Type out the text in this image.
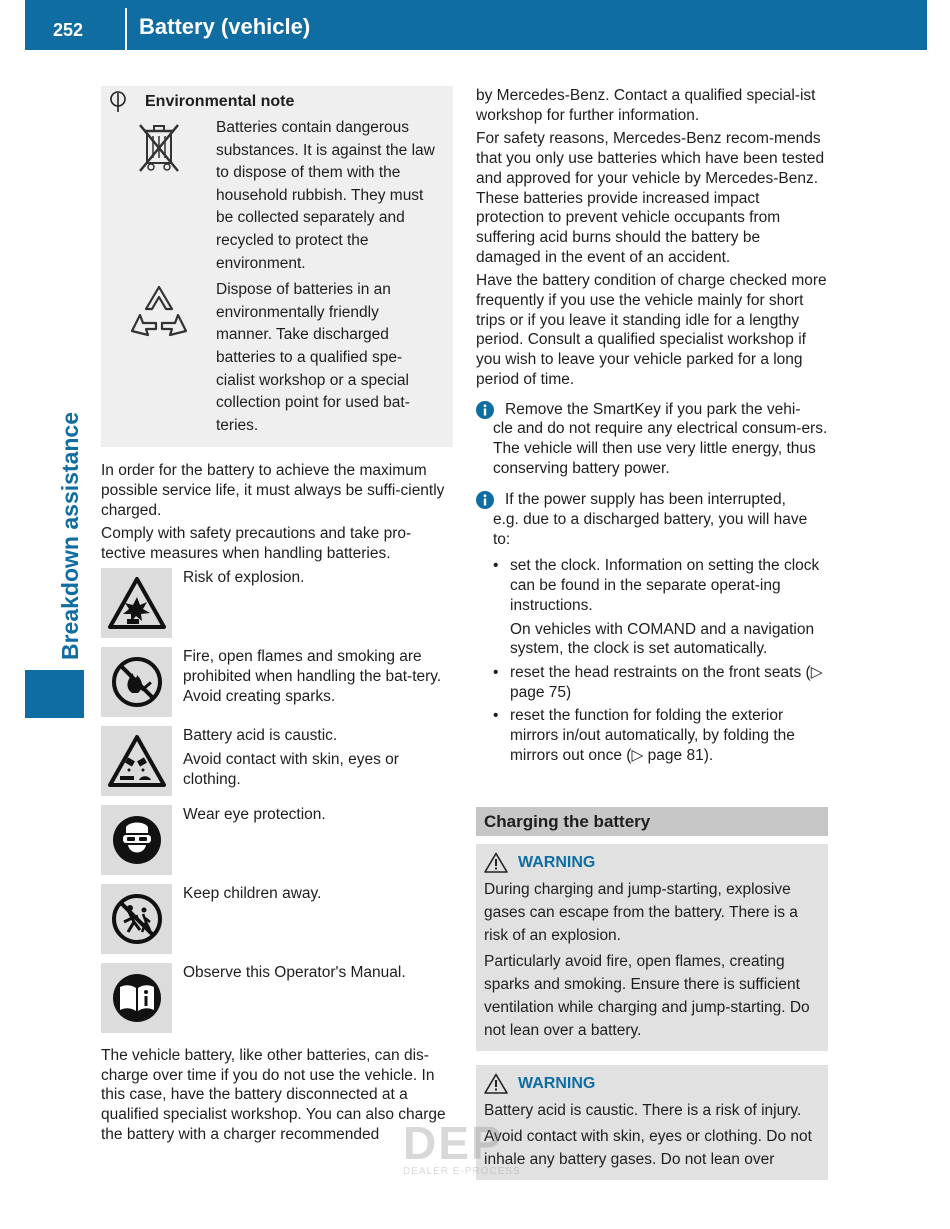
252	Battery (vehicle)
Breakdown assistance
Environmental note
Batteries contain dangerous substances. It is against the law to dispose of them with the household rubbish. They must be collected separately and recycled to protect the environment.
Dispose of batteries in an environmentally friendly manner. Take discharged batteries to a qualified spe-cialist workshop or a special collection point for used bat-teries.

In order for the battery to achieve the maximum possible service life, it must always be suffi-ciently charged.

Comply with safety precautions and take pro-tective measures when handling batteries.

Risk of explosion.

Fire, open flames and smoking are prohibited when handling the bat-tery. Avoid creating sparks.

Battery acid is caustic.

Avoid contact with skin, eyes or clothing.

Wear eye protection.

Keep children away.

Observe this Operator's Manual.

The vehicle battery, like other batteries, can dis-charge over time if you do not use the vehicle. In this case, have the battery disconnected at a qualified specialist workshop. You can also charge the battery with a charger recommended

by Mercedes-Benz. Contact a qualified special-ist workshop for further information.

For safety reasons, Mercedes-Benz recom-mends that you only use batteries which have been tested and approved for your vehicle by Mercedes-Benz. These batteries provide increased impact protection to prevent vehicle occupants from suffering acid burns should the battery be damaged in the event of an accident.

Have the battery condition of charge checked more frequently if you use the vehicle mainly for short trips or if you leave it standing idle for a lengthy period. Consult a qualified specialist workshop if you wish to leave your vehicle parked for a long period of time.

Remove the SmartKey if you park the vehi-

cle and do not require any electrical consum-ers. The vehicle will then use very little energy, thus conserving battery power.

If the power supply has been interrupted,

e.g. due to a discharged battery, you will have to:

• set the clock. Information on setting the clock can be found in the separate operat-ing instructions.
On vehicles with COMAND and a navigation system, the clock is set automatically.
• reset the head restraints on the front seats (▷ page 75)
• reset the function for folding the exterior mirrors in/out automatically, by folding the mirrors out once (▷ page 81).
Charging the battery
WARNING

During charging and jump-starting, explosive gases can escape from the battery. There is a risk of an explosion.

Particularly avoid fire, open flames, creating sparks and smoking. Ensure there is sufficient ventilation while charging and jump-starting. Do not lean over a battery.

WARNING

Battery acid is caustic. There is a risk of injury.

Avoid contact with skin, eyes or clothing. Do not inhale any battery gases. Do not lean over

DEP
DEALER E-PROCESS
